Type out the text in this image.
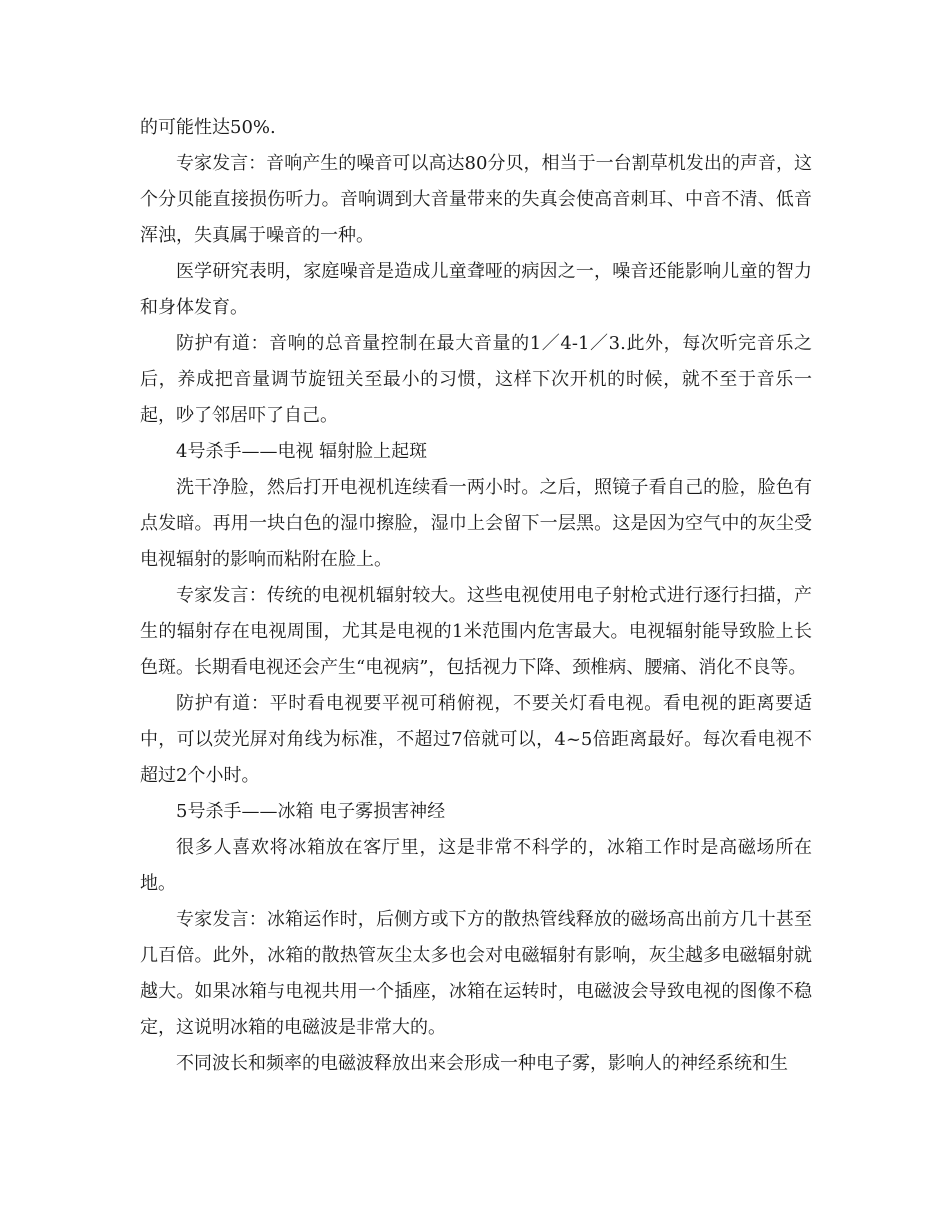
的可能性达50%.

专家发言：音响产生的噪音可以高达80分贝，相当于一台割草机发出的声音，这个分贝能直接损伤听力。音响调到大音量带来的失真会使高音刺耳、中音不清、低音浑浊，失真属于噪音的一种。

医学研究表明，家庭噪音是造成儿童聋哑的病因之一，噪音还能影响儿童的智力和身体发育。

防护有道：音响的总音量控制在最大音量的1／4-1／3.此外，每次听完音乐之后，养成把音量调节旋钮关至最小的习惯，这样下次开机的时候，就不至于音乐一起，吵了邻居吓了自己。

4号杀手——电视 辐射脸上起斑

洗干净脸，然后打开电视机连续看一两小时。之后，照镜子看自己的脸，脸色有点发暗。再用一块白色的湿巾擦脸，湿巾上会留下一层黑。这是因为空气中的灰尘受电视辐射的影响而粘附在脸上。

专家发言：传统的电视机辐射较大。这些电视使用电子射枪式进行逐行扫描，产生的辐射存在电视周围，尤其是电视的1米范围内危害最大。电视辐射能导致脸上长色斑。长期看电视还会产生“电视病”，包括视力下降、颈椎病、腰痛、消化不良等。

防护有道：平时看电视要平视可稍俯视，不要关灯看电视。看电视的距离要适中，可以荧光屏对角线为标准，不超过7倍就可以，4~5倍距离最好。每次看电视不超过2个小时。

5号杀手——冰箱 电子雾损害神经

很多人喜欢将冰箱放在客厅里，这是非常不科学的，冰箱工作时是高磁场所在地。

专家发言：冰箱运作时，后侧方或下方的散热管线释放的磁场高出前方几十甚至几百倍。此外，冰箱的散热管灰尘太多也会对电磁辐射有影响，灰尘越多电磁辐射就越大。如果冰箱与电视共用一个插座，冰箱在运转时，电磁波会导致电视的图像不稳定，这说明冰箱的电磁波是非常大的。

不同波长和频率的电磁波释放出来会形成一种电子雾，影响人的神经系统和生
